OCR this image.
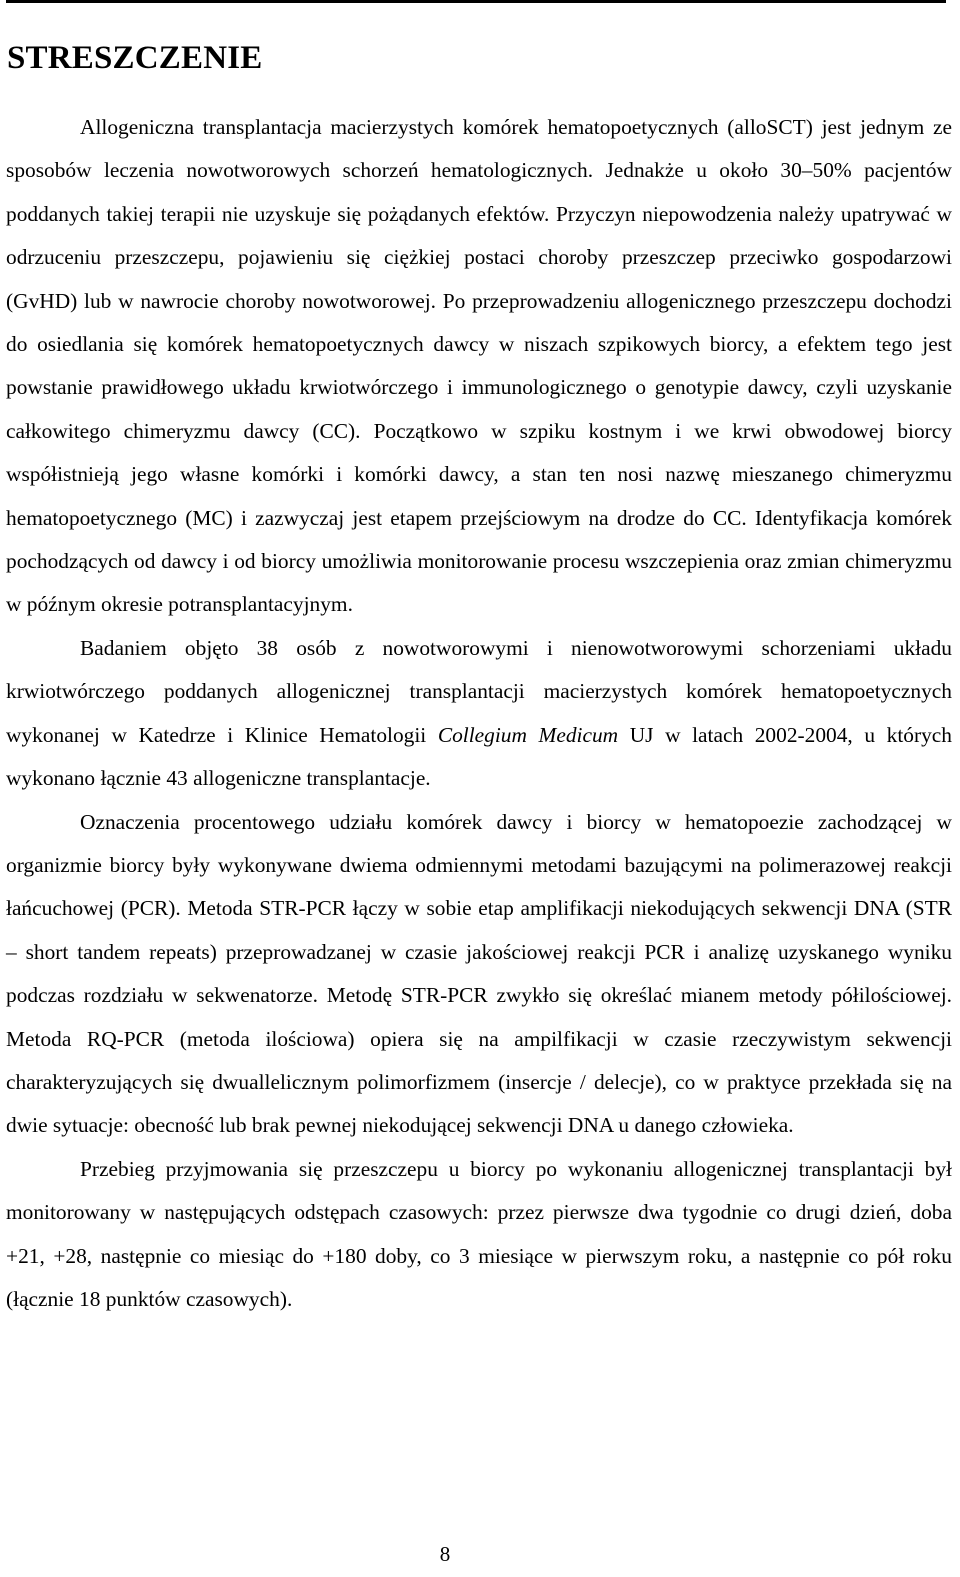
STRESZCZENIE

Allogeniczna transplantacja macierzystych komórek hematopoetycznych (alloSCT) jest jednym ze sposobów leczenia nowotworowych schorzeń hematologicznych. Jednakże u około 30–50% pacjentów poddanych takiej terapii nie uzyskuje się pożądanych efektów. Przyczyn niepowodzenia należy upatrywać w odrzuceniu przeszczepu, pojawieniu się ciężkiej postaci choroby przeszczep przeciwko gospodarzowi (GvHD) lub w nawrocie choroby nowotworowej. Po przeprowadzeniu allogenicznego przeszczepu dochodzi do osiedlania się komórek hematopoetycznych dawcy w niszach szpikowych biorcy, a efektem tego jest powstanie prawidłowego układu krwiotwórczego i immunologicznego o genotypie dawcy, czyli uzyskanie całkowitego chimeryzmu dawcy (CC). Początkowo w szpiku kostnym i we krwi obwodowej biorcy współistnieją jego własne komórki i komórki dawcy, a stan ten nosi nazwę mieszanego chimeryzmu hematopoetycznego (MC) i zazwyczaj jest etapem przejściowym na drodze do CC. Identyfikacja komórek pochodzących od dawcy i od biorcy umożliwia monitorowanie procesu wszczepienia oraz zmian chimeryzmu w późnym okresie potransplantacyjnym.

Badaniem objęto 38 osób z nowotworowymi i nienowotworowymi schorzeniami układu krwiotwórczego poddanych allogenicznej transplantacji macierzystych komórek hematopoetycznych wykonanej w Katedrze i Klinice Hematologii Collegium Medicum UJ w latach 2002-2004, u których wykonano łącznie 43 allogeniczne transplantacje.

Oznaczenia procentowego udziału komórek dawcy i biorcy w hematopoezie zachodzącej w organizmie biorcy były wykonywane dwiema odmiennymi metodami bazującymi na polimerazowej reakcji łańcuchowej (PCR). Metoda STR-PCR łączy w sobie etap amplifikacji niekodujących sekwencji DNA (STR – short tandem repeats) przeprowadzanej w czasie jakościowej reakcji PCR i analizę uzyskanego wyniku podczas rozdziału w sekwenatorze. Metodę STR-PCR zwykło się określać mianem metody półilościowej. Metoda RQ-PCR (metoda ilościowa) opiera się na ampilfikacji w czasie rzeczywistym sekwencji charakteryzujących się dwuallelicznym polimorfizmem (insercje / delecje), co w praktyce przekłada się na dwie sytuacje: obecność lub brak pewnej niekodującej sekwencji DNA u danego człowieka.

Przebieg przyjmowania się przeszczepu u biorcy po wykonaniu allogenicznej transplantacji był monitorowany w następujących odstępach czasowych: przez pierwsze dwa tygodnie co drugi dzień, doba +21, +28, następnie co miesiąc do +180 doby, co 3 miesiące w pierwszym roku, a następnie co pół roku (łącznie 18 punktów czasowych).

8
